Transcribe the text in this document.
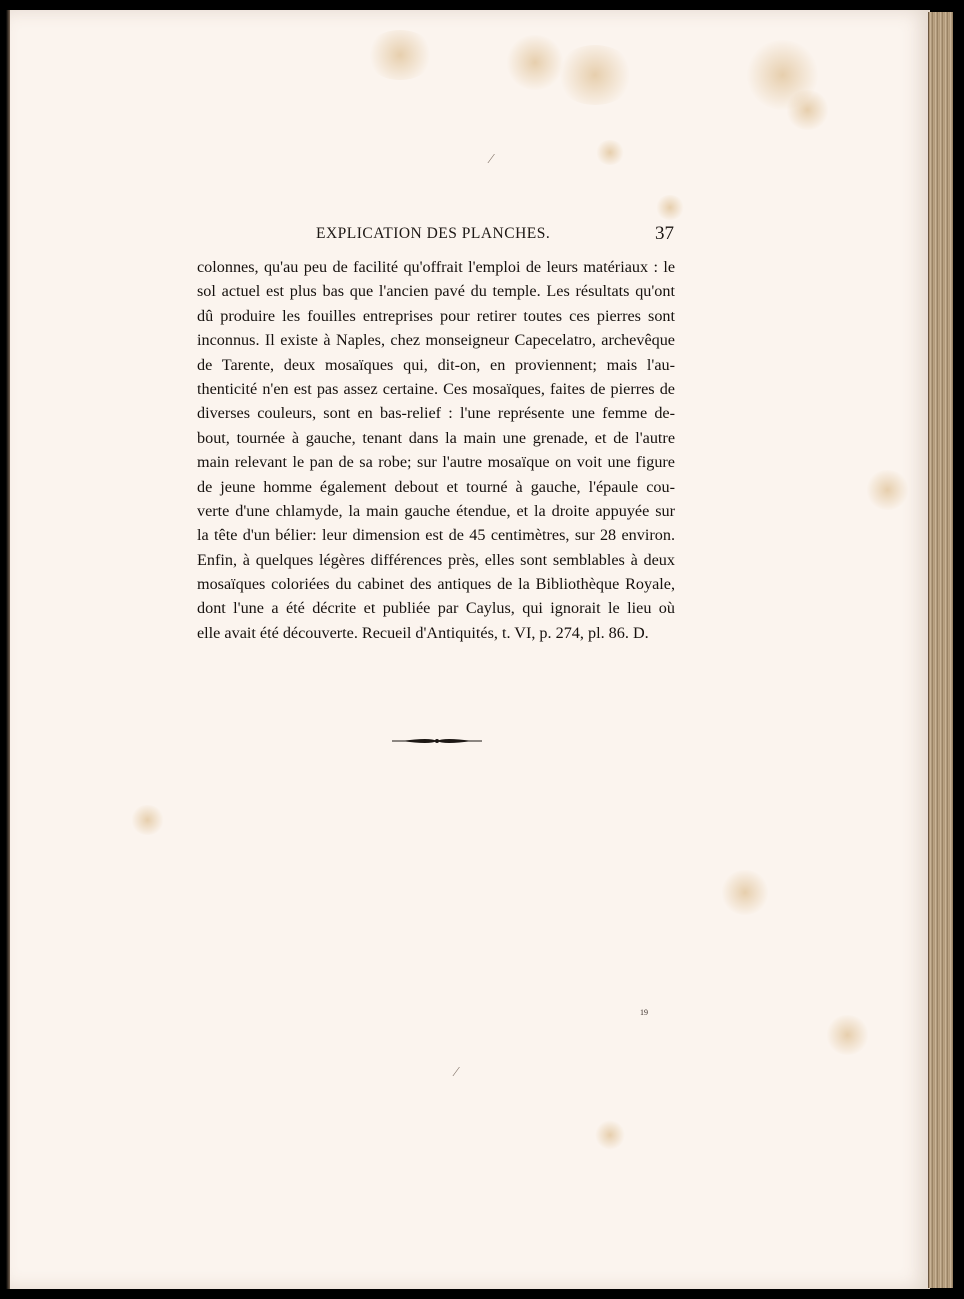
EXPLICATION DES PLANCHES.	37
colonnes, qu'au peu de facilité qu'offrait l'emploi de leurs matériaux : le
sol actuel est plus bas que l'ancien pavé du temple. Les résultats qu'ont
dû produire les fouilles entreprises pour retirer toutes ces pierres sont
inconnus. Il existe à Naples, chez monseigneur Capecelatro, archevêque
de Tarente, deux mosaïques qui, dit-on, en proviennent; mais l'au-
thenticité n'en est pas assez certaine. Ces mosaïques, faites de pierres de
diverses couleurs, sont en bas-relief : l'une représente une femme de-
bout, tournée à gauche, tenant dans la main une grenade, et de l'autre
main relevant le pan de sa robe; sur l'autre mosaïque on voit une figure
de jeune homme également debout et tourné à gauche, l'épaule cou-
verte d'une chlamyde, la main gauche étendue, et la droite appuyée sur
la tête d'un bélier: leur dimension est de 45 centimètres, sur 28 environ.
Enfin, à quelques légères différences près, elles sont semblables à deux
mosaïques coloriées du cabinet des antiques de la Bibliothèque Royale,
dont l'une a été décrite et publiée par Caylus, qui ignorait le lieu où
elle avait été découverte. Recueil d'Antiquités, t. VI, p. 274, pl. 86. D.
19
⁄
⁄
